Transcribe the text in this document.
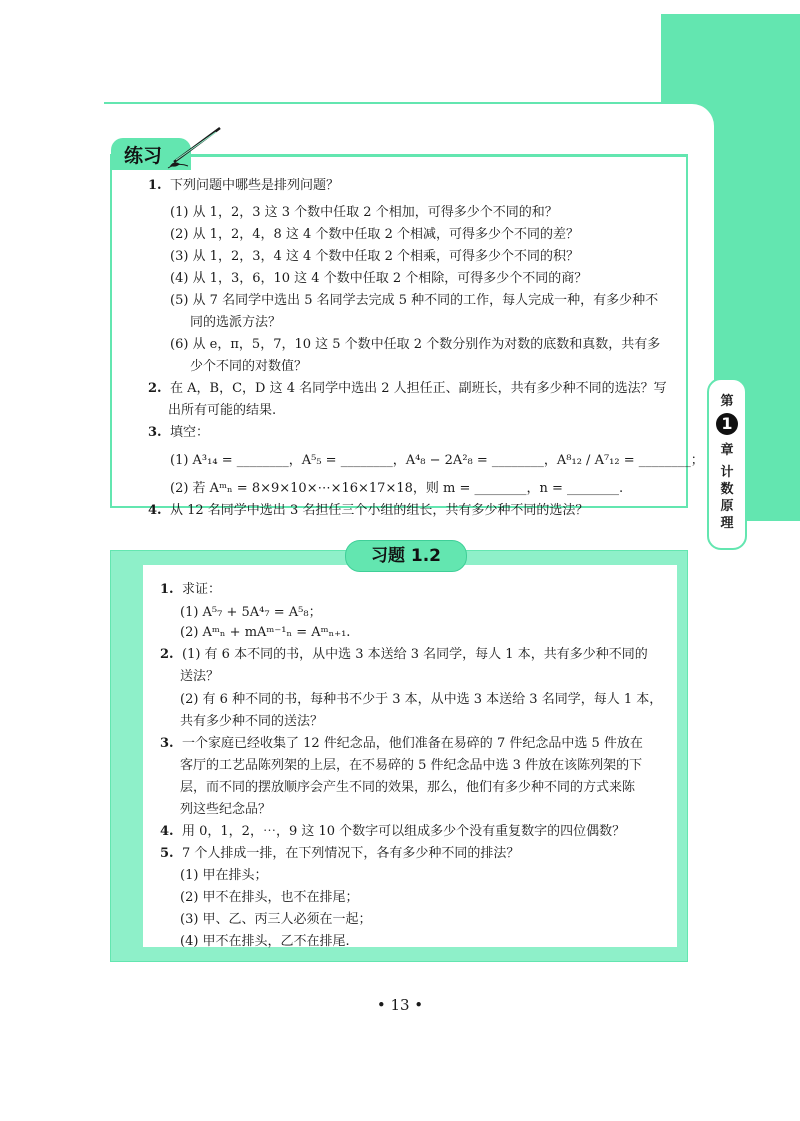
第
1
章
计
数
原
理
练习
1. 下列问题中哪些是排列问题？
(1) 从 1，2，3 这 3 个数中任取 2 个相加，可得多少个不同的和？
(2) 从 1，2，4，8 这 4 个数中任取 2 个相减，可得多少个不同的差？
(3) 从 1，2，3，4 这 4 个数中任取 2 个相乘，可得多少个不同的积？
(4) 从 1，3，6，10 这 4 个数中任取 2 个相除，可得多少个不同的商？
(5) 从 7 名同学中选出 5 名同学去完成 5 种不同的工作，每人完成一种，有多少种不
同的选派方法？
(6) 从 e，π，5，7，10 这 5 个数中任取 2 个数分别作为对数的底数和真数，共有多
少个不同的对数值？
2. 在 A，B，C，D 这 4 名同学中选出 2 人担任正、副班长，共有多少种不同的选法？写
出所有可能的结果.
3. 填空：
(1) A³₁₄ = ________，A⁵₅ = ________，A⁴₈ − 2A²₈ = ________，A⁸₁₂ / A⁷₁₂ = ________；
(2) 若 Aᵐₙ = 8×9×10×⋯×16×17×18，则 m = ________，n = ________.
4. 从 12 名同学中选出 3 名担任三个小组的组长，共有多少种不同的选法？
习题 1.2
1. 求证：
(1) A⁵₇ + 5A⁴₇ = A⁵₈；
(2) Aᵐₙ + mAᵐ⁻¹ₙ = Aᵐₙ₊₁.
2. (1) 有 6 本不同的书，从中选 3 本送给 3 名同学，每人 1 本，共有多少种不同的
送法？
(2) 有 6 种不同的书，每种书不少于 3 本，从中选 3 本送给 3 名同学，每人 1 本，
共有多少种不同的送法？
3. 一个家庭已经收集了 12 件纪念品，他们准备在易碎的 7 件纪念品中选 5 件放在
客厅的工艺品陈列架的上层，在不易碎的 5 件纪念品中选 3 件放在该陈列架的下
层，而不同的摆放顺序会产生不同的效果，那么，他们有多少种不同的方式来陈
列这些纪念品？
4. 用 0，1，2，⋯，9 这 10 个数字可以组成多少个没有重复数字的四位偶数？
5. 7 个人排成一排，在下列情况下，各有多少种不同的排法？
(1) 甲在排头；
(2) 甲不在排头，也不在排尾；
(3) 甲、乙、丙三人必须在一起；
(4) 甲不在排头，乙不在排尾.
• 13 •
